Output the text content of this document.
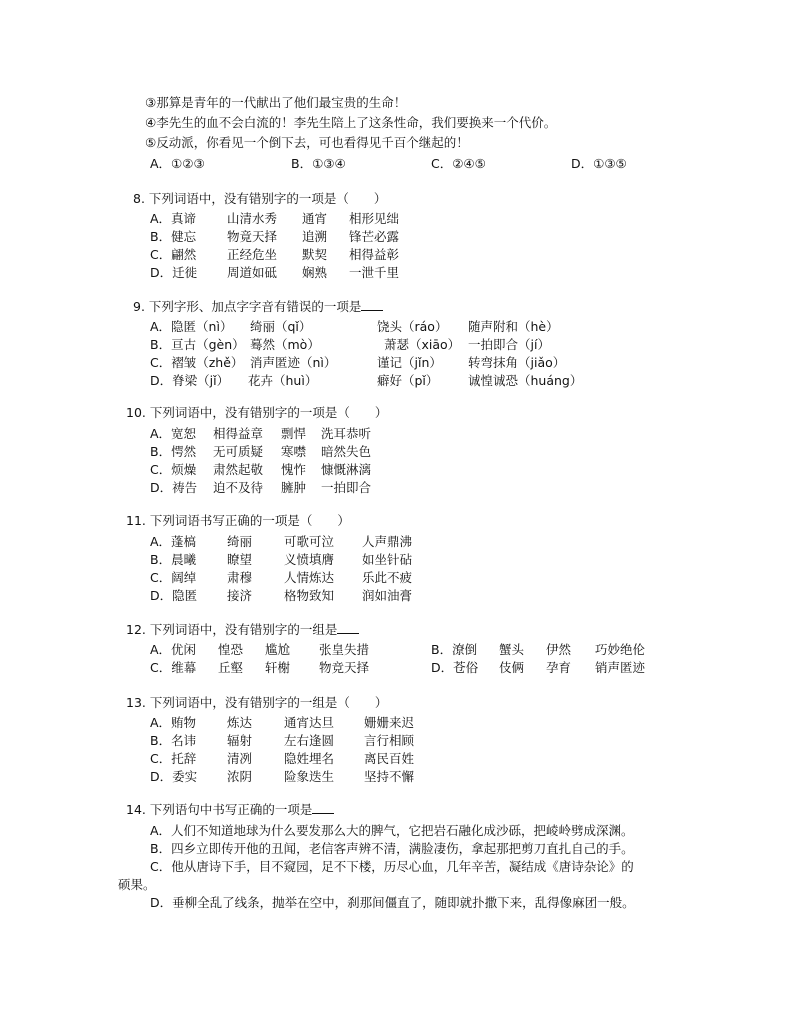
③那算是青年的一代献出了他们最宝贵的生命！
④李先生的血不会白流的！李先生陪上了这条性命，我们要换来一个代价。
⑤反动派，你看见一个倒下去，可也看得见千百个继起的！
A．①②③	B．①③④	C．②④⑤	D．①③⑤
8. 下列词语中，没有错别字的一项是（　　）
A．真谛 山清水秀 通宵 相形见绌
B．健忘 物竟天择 追溯 锋芒必露
C．翩然 正经危坐 默契 相得益彰
D．迁徙 周道如砥 娴熟 一泄千里
9. 下列字形、加点字字音有错误的一项是
A．隐匿（nì） 绮丽（qǐ）	饶头（ráo） 随声附和（hè）
B．亘古（gèn） 蓦然（mò）	萧瑟（xiāo） 一拍即合（jí）
C．褶皱（zhě） 消声匿迹（nì）	谨记（jǐn） 转弯抹角（jiǎo）
D．脊梁（jǐ） 花卉（huì）	癖好（pǐ） 诚惶诚恐（huáng）
10. 下列词语中，没有错别字的一项是（　　）
A．宽恕 相得益章 剽悍 洗耳恭听
B．愕然 无可质疑 寒噤 暗然失色
C．烦燥 肃然起敬 愧怍 慷慨淋漓
D．祷告 迫不及待 臃肿 一拍即合
11. 下列词语书写正确的一项是（　　）
A．蓬槁 绮丽	可歌可泣 人声鼎沸
B．晨曦 瞭望	义愤填膺 如坐针砧
C．阔绰 肃穆	人情炼达 乐此不疲
D．隐匿 接济	格物致知 润如油膏
12. 下列词语中，没有错别字的一组是
A．优闲 惶恐 尴尬 张皇失措	B．潦倒 蟹头 伊然 巧妙绝伦
C．维幕 丘壑 轩榭 物竞天择	D．苍俗 伎俩 孕育 销声匿迹
13. 下列词语中，没有错别字的一组是（　　）
A．贿物 炼达	通宵达旦 姗姗来迟
B．名讳 辐射	左右逢圆 言行相顾
C．托辞 清冽	隐姓埋名 离民百姓
D．委实 浓阴	险象迭生 坚持不懈
14. 下列语句中书写正确的一项是
A．人们不知道地球为什么要发那么大的脾气，它把岩石融化成沙砾，把崚岭劈成深渊。
B．四乡立即传开他的丑闻，老信客声辨不清，满脸凄伤，拿起那把剪刀直扎自己的手。
C．他从唐诗下手，目不窥园，足不下楼，历尽心血，几年辛苦，凝结成《唐诗杂论》的
硕果。
D．垂柳全乱了线条，抛举在空中，刹那间僵直了，随即就扑撒下来，乱得像麻团一般。
